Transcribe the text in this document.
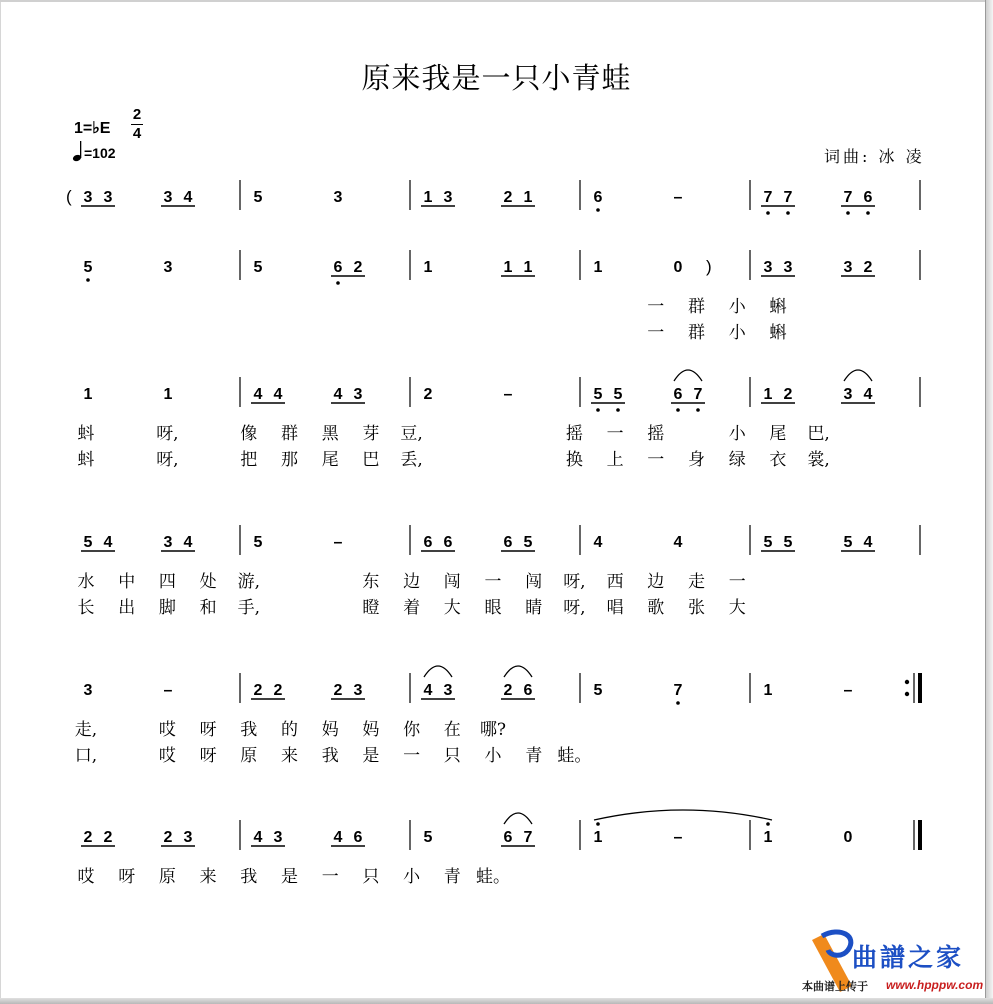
原来我是一只小青蛙
1=♭E
2
4
=102	词曲: 冰 凌
( 3 3	3 4	5	3	1 3	2 1	6	–	7 7	7 6
5	3	5	6 2	1	1 1	1	0 )	3 3	3 2
一 群 小 蝌
一 群 小 蝌
1	1	4 4	4 3	2	–	5 5	6 7	1 2	3 4
蚪	呀,	像 群 黑 芽 豆,	摇 一 摇	小 尾 巴,
蚪	呀,	把 那 尾 巴 丢,	换 上 一 身 绿 衣 裳,
5 4	3 4	5	–	6 6	6 5	4	4	5 5	5 4
水 中 四 处 游,	东 边 闯 一 闯 呀, 西 边 走 一
长 出 脚 和 手,	瞪 着 大 眼 睛 呀, 唱 歌 张 大
3	–	2 2	2 3	4 3	2 6	5	7	1	–
走,	哎 呀 我 的 妈 妈 你 在 哪?
口,	哎 呀 原 来 我 是 一 只 小 青 蛙。
2 2	2 3	4 3	4 6	5	6 7	1	–	1	0
哎 呀 原 来 我 是 一 只 小 青 蛙。
曲譜之家
本曲谱上传于 www.hpppw.com
